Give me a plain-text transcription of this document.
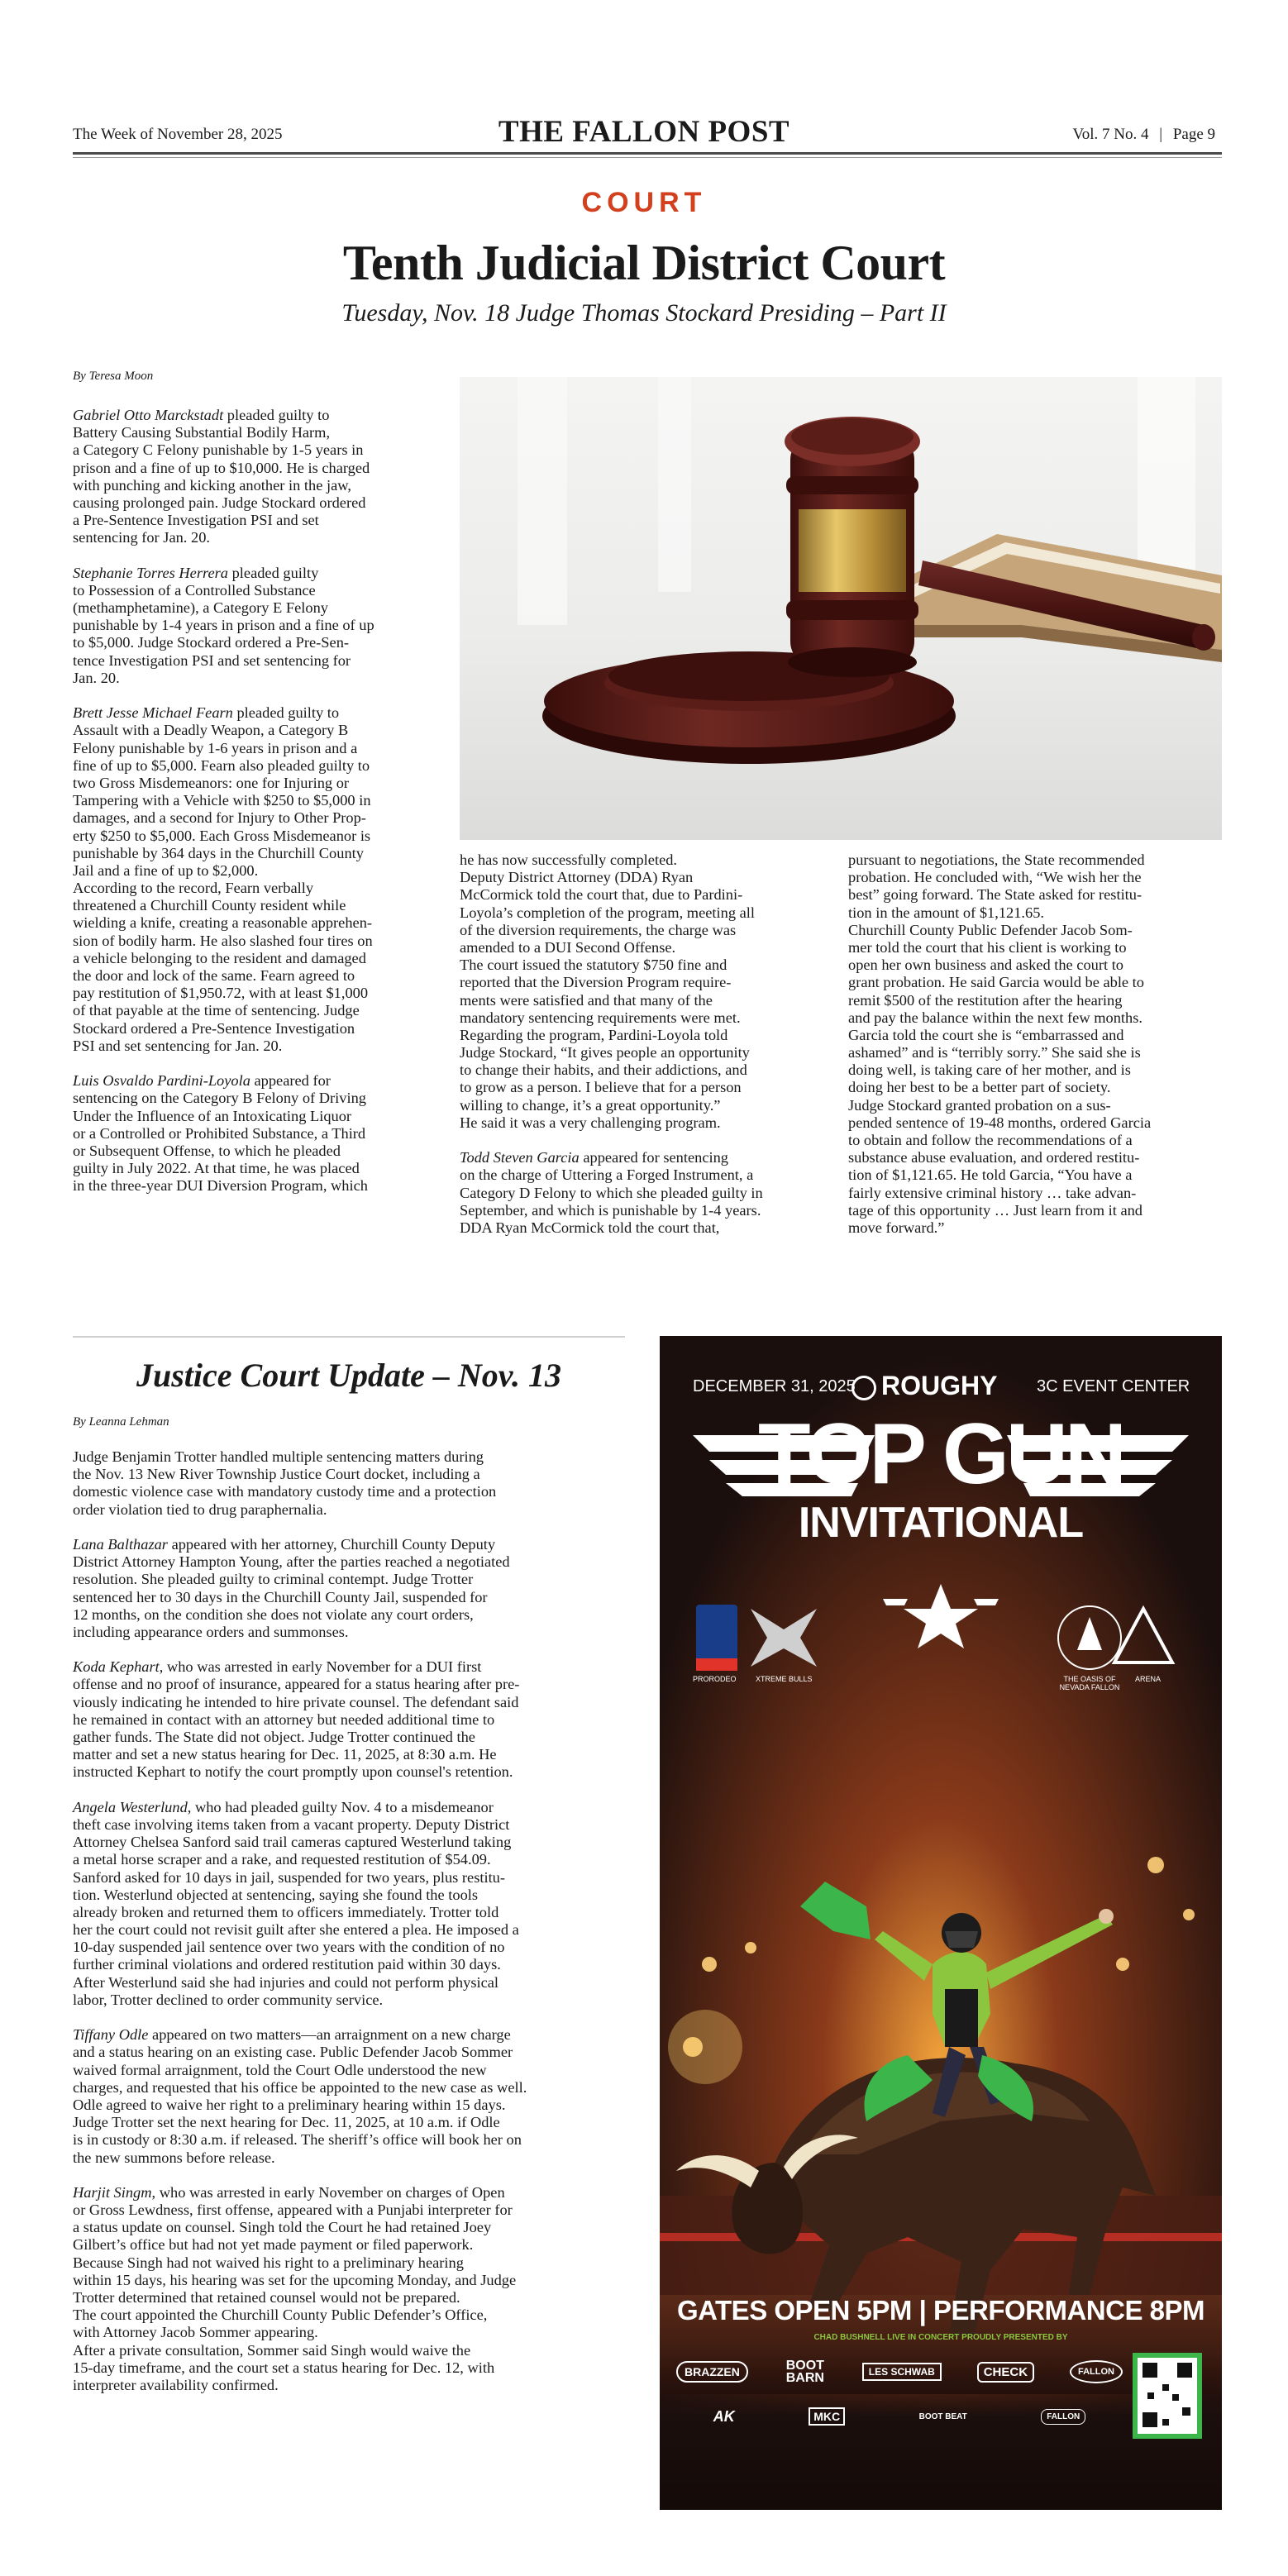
The Week of November 28, 2025	THE FALLON POST	Vol. 7 No. 4 | Page 9
COURT
Tenth Judicial District Court
Tuesday, Nov. 18 Judge Thomas Stockard Presiding – Part II
By Teresa Moon
Gabriel Otto Marckstadt pleaded guilty to
Battery Causing Substantial Bodily Harm,
a Category C Felony punishable by 1-5 years in
prison and a fine of up to $10,000. He is charged
with punching and kicking another in the jaw,
causing prolonged pain. Judge Stockard ordered
a Pre-Sentence Investigation PSI and set
sentencing for Jan. 20.
Stephanie Torres Herrera pleaded guilty
to Possession of a Controlled Substance
(methamphetamine), a Category E Felony
punishable by 1-4 years in prison and a fine of up
to $5,000. Judge Stockard ordered a Pre-Sen-
tence Investigation PSI and set sentencing for
Jan. 20.
Brett Jesse Michael Fearn pleaded guilty to
Assault with a Deadly Weapon, a Category B
Felony punishable by 1-6 years in prison and a
fine of up to $5,000. Fearn also pleaded guilty to
two Gross Misdemeanors: one for Injuring or
Tampering with a Vehicle with $250 to $5,000 in
damages, and a second for Injury to Other Prop-
erty $250 to $5,000. Each Gross Misdemeanor is
punishable by 364 days in the Churchill County
Jail and a fine of up to $2,000.
According to the record, Fearn verbally
threatened a Churchill County resident while
wielding a knife, creating a reasonable apprehen-
sion of bodily harm. He also slashed four tires on
a vehicle belonging to the resident and damaged
the door and lock of the same. Fearn agreed to
pay restitution of $1,950.72, with at least $1,000
of that payable at the time of sentencing. Judge
Stockard ordered a Pre-Sentence Investigation
PSI and set sentencing for Jan. 20.
Luis Osvaldo Pardini-Loyola appeared for
sentencing on the Category B Felony of Driving
Under the Influence of an Intoxicating Liquor
or a Controlled or Prohibited Substance, a Third
or Subsequent Offense, to which he pleaded
guilty in July 2022. At that time, he was placed
in the three-year DUI Diversion Program, which
he has now successfully completed.
Deputy District Attorney (DDA) Ryan
McCormick told the court that, due to Pardini-
Loyola’s completion of the program, meeting all
of the diversion requirements, the charge was
amended to a DUI Second Offense.
The court issued the statutory $750 fine and
reported that the Diversion Program require-
ments were satisfied and that many of the
mandatory sentencing requirements were met.
Regarding the program, Pardini-Loyola told
Judge Stockard, “It gives people an opportunity
to change their habits, and their addictions, and
to grow as a person. I believe that for a person
willing to change, it’s a great opportunity.”
He said it was a very challenging program.
Todd Steven Garcia appeared for sentencing
on the charge of Uttering a Forged Instrument, a
Category D Felony to which she pleaded guilty in
September, and which is punishable by 1-4 years.
DDA Ryan McCormick told the court that,
pursuant to negotiations, the State recommended
probation. He concluded with, “We wish her the
best” going forward. The State asked for restitu-
tion in the amount of $1,121.65.
Churchill County Public Defender Jacob Som-
mer told the court that his client is working to
open her own business and asked the court to
grant probation. He said Garcia would be able to
remit $500 of the restitution after the hearing
and pay the balance within the next few months.
Garcia told the court she is “embarrassed and
ashamed” and is “terribly sorry.” She said she is
doing well, is taking care of her mother, and is
doing her best to be a better part of society.
Judge Stockard granted probation on a sus-
pended sentence of 19-48 months, ordered Garcia
to obtain and follow the recommendations of a
substance abuse evaluation, and ordered restitu-
tion of $1,121.65. He told Garcia, “You have a
fairly extensive criminal history … take advan-
tage of this opportunity … Just learn from it and
move forward.”
Justice Court Update – Nov. 13
By Leanna Lehman
Judge Benjamin Trotter handled multiple sentencing matters during
the Nov. 13 New River Township Justice Court docket, including a
domestic violence case with mandatory custody time and a protection
order violation tied to drug paraphernalia.
Lana Balthazar appeared with her attorney, Churchill County Deputy
District Attorney Hampton Young, after the parties reached a negotiated
resolution. She pleaded guilty to criminal contempt. Judge Trotter
sentenced her to 30 days in the Churchill County Jail, suspended for
12 months, on the condition she does not violate any court orders,
including appearance orders and summonses.
Koda Kephart, who was arrested in early November for a DUI first
offense and no proof of insurance, appeared for a status hearing after pre-
viously indicating he intended to hire private counsel. The defendant said
he remained in contact with an attorney but needed additional time to
gather funds. The State did not object. Judge Trotter continued the
matter and set a new status hearing for Dec. 11, 2025, at 8:30 a.m. He
instructed Kephart to notify the court promptly upon counsel's retention.
Angela Westerlund, who had pleaded guilty Nov. 4 to a misdemeanor
theft case involving items taken from a vacant property. Deputy District
Attorney Chelsea Sanford said trail cameras captured Westerlund taking
a metal horse scraper and a rake, and requested restitution of $54.09.
Sanford asked for 10 days in jail, suspended for two years, plus restitu-
tion. Westerlund objected at sentencing, saying she found the tools
already broken and returned them to officers immediately. Trotter told
her the court could not revisit guilt after she entered a plea. He imposed a
10-day suspended jail sentence over two years with the condition of no
further criminal violations and ordered restitution paid within 30 days.
After Westerlund said she had injuries and could not perform physical
labor, Trotter declined to order community service.
Tiffany Odle appeared on two matters—an arraignment on a new charge
and a status hearing on an existing case. Public Defender Jacob Sommer
waived formal arraignment, told the Court Odle understood the new
charges, and requested that his office be appointed to the new case as well.
Odle agreed to waive her right to a preliminary hearing within 15 days.
Judge Trotter set the next hearing for Dec. 11, 2025, at 10 a.m. if Odle
is in custody or 8:30 a.m. if released. The sheriff’s office will book her on
the new summons before release.
Harjit Singm, who was arrested in early November on charges of Open
or Gross Lewdness, first offense, appeared with a Punjabi interpreter for
a status update on counsel. Singh told the Court he had retained Joey
Gilbert’s office but had not yet made payment or filed paperwork.
Because Singh had not waived his right to a preliminary hearing
within 15 days, his hearing was set for the upcoming Monday, and Judge
Trotter determined that retained counsel would not be prepared.
The court appointed the Churchill County Public Defender’s Office,
with Attorney Jacob Sommer appearing.
After a private consultation, Sommer said Singh would waive the
15-day timeframe, and the court set a status hearing for Dec. 12, with
interpreter availability confirmed.
DECEMBER 31, 2025 ROUGHY 3C EVENT CENTER
TOP GUN
INVITATIONAL
PRORODEO	XTREME BULLS	THE OASIS OF NEVADA FALLON
ARENA
GATES OPEN 5PM | PERFORMANCE 8PM
CHAD BUSHNELL LIVE IN CONCERT PROUDLY PRESENTED BY
BRAZZEN	BOOT BARN	LES SCHWAB	CHECK	FALLON
AK	MKC	BOOT BEAT	FALLON
